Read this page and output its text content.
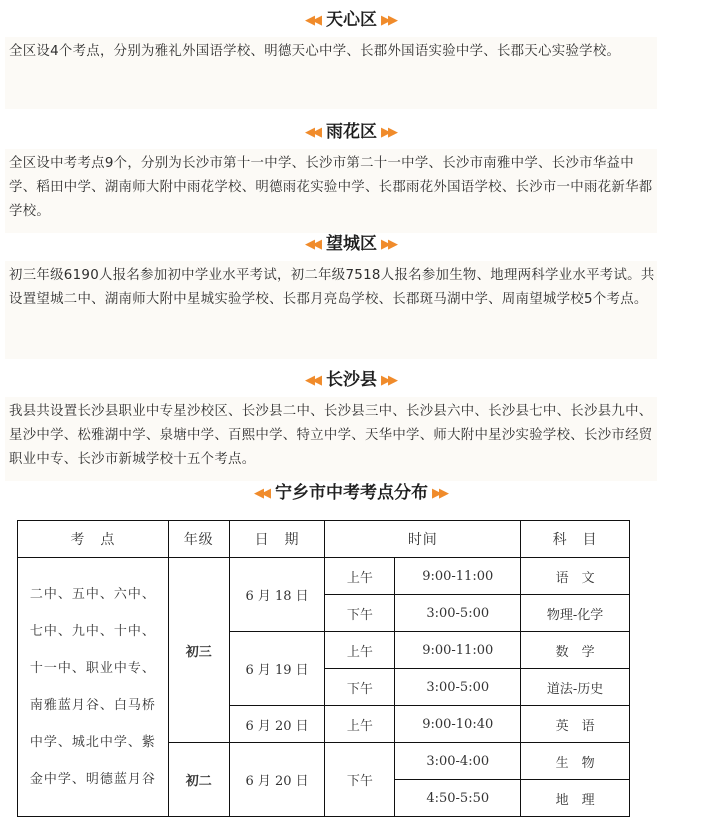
◀◀ 天心区 ▶▶
全区设4个考点，分别为雅礼外国语学校、明德天心中学、长郡外国语实验中学、长郡天心实验学校。
◀◀ 雨花区 ▶▶
全区设中考考点9个，分别为长沙市第十一中学、长沙市第二十一中学、长沙市南雅中学、长沙市华益中学、稻田中学、湖南师大附中雨花学校、明德雨花实验中学、长郡雨花外国语学校、长沙市一中雨花新华都学校。
◀◀ 望城区 ▶▶
初三年级6190人报名参加初中学业水平考试，初二年级7518人报名参加生物、地理两科学业水平考试。共设置望城二中、湖南师大附中星城实验学校、长郡月亮岛学校、长郡斑马湖中学、周南望城学校5个考点。
◀◀ 长沙县 ▶▶
我县共设置长沙县职业中专星沙校区、长沙县二中、长沙县三中、长沙县六中、长沙县七中、长沙县九中、星沙中学、松雅湖中学、泉塘中学、百熙中学、特立中学、天华中学、师大附中星沙实验学校、长沙市经贸职业中专、长沙市新城学校十五个考点。
◀◀ 宁乡市中考考点分布 ▶▶
考　点	年级	日　期	时间		科　目
二中、五中、六中、七中、九中、十中、十一中、职业中专、南雅蓝月谷、白马桥中学、城北中学、紫金中学、明德蓝月谷	初三	6 月 18 日	上午	9:00-11:00	语　文
			下午	3:00-5:00	物理-化学
		6 月 19 日	上午	9:00-11:00	数　学
			下午	3:00-5:00	道法-历史
		6 月 20 日	上午	9:00-10:40	英　语
	初二	6 月 20 日	下午	3:00-4:00	生　物
				4:50-5:50	地　理
